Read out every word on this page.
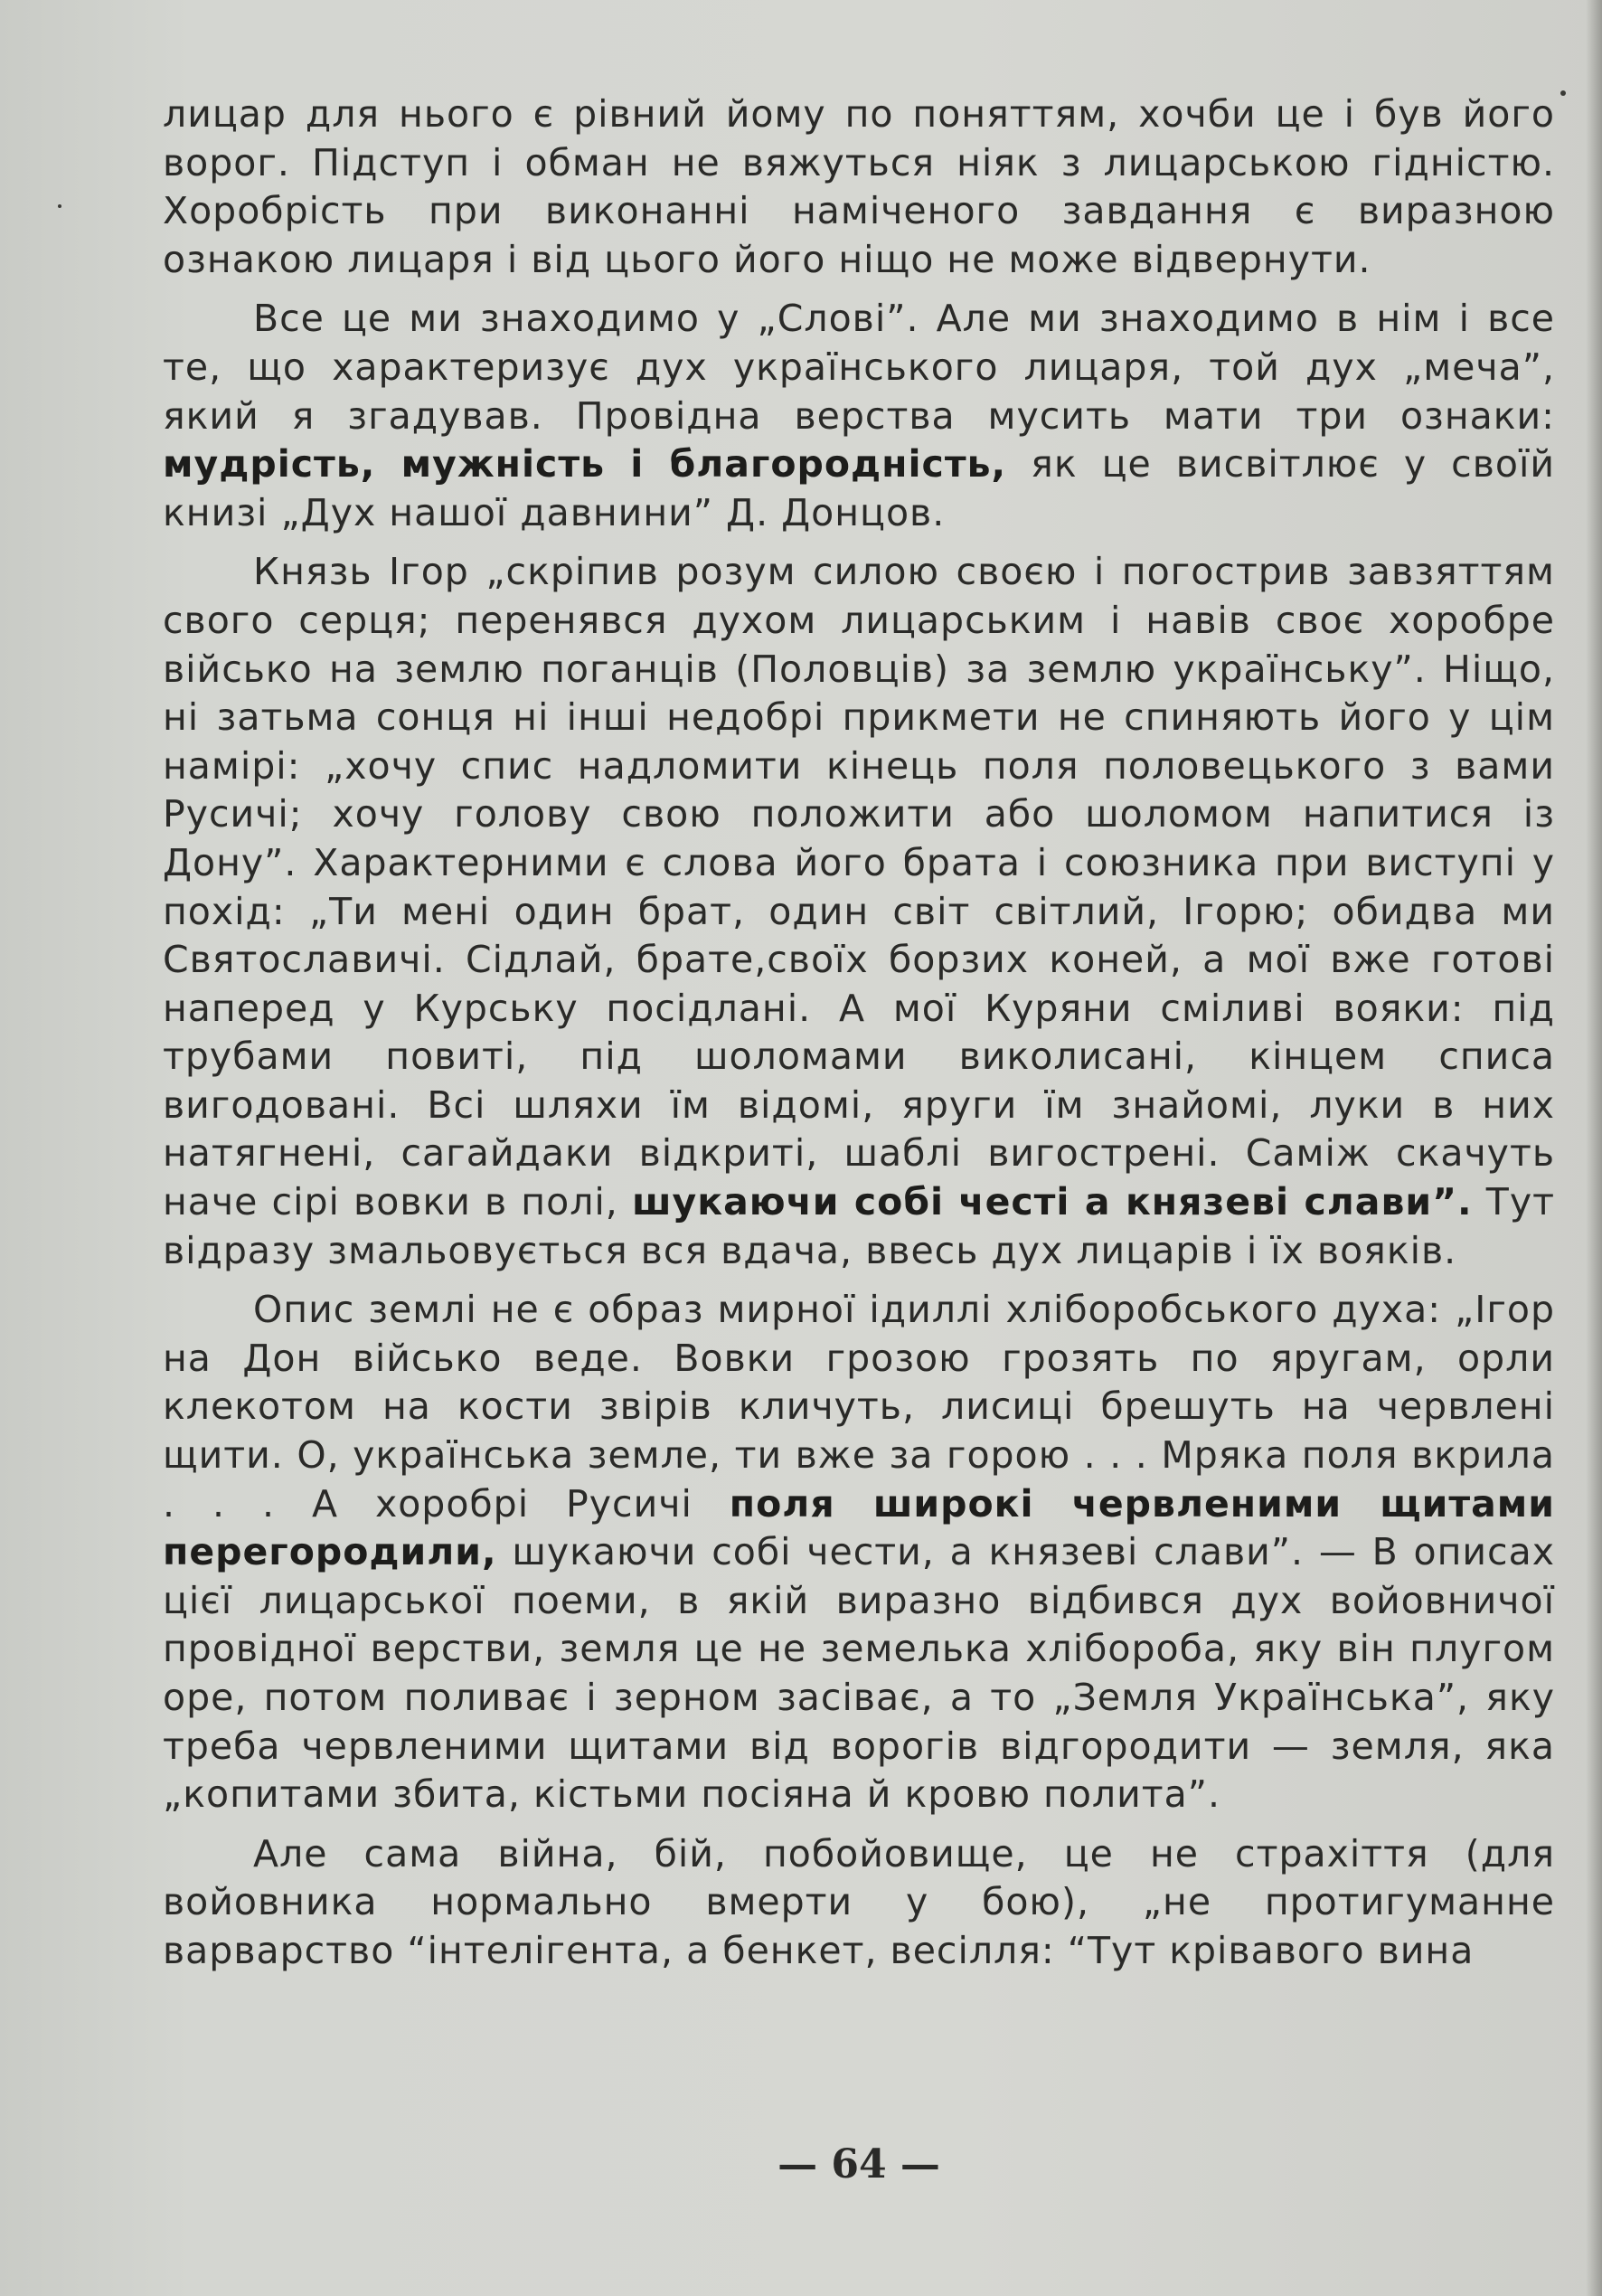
лицар для нього є рівний йому по поняттям, хочби це і був його ворог. Підступ і обман не вяжуться ніяк з лицарською гідністю. Хоробрість при виконанні наміченого завдання є виразною ознакою лицаря і від цього його ніщо не може відвернути.

Все це ми знаходимо у „Слові”. Але ми знаходимо в нім і все те, що характеризує дух українського лицаря, той дух „меча”, який я згадував. Провідна верства мусить мати три ознаки: мудрість, мужність і благородність, як це висвітлює у своїй книзі „Дух нашої давнини” Д. Донцов.

Князь Ігор „скріпив розум силою своєю і погострив завзяттям свого серця; перенявся духом лицарським і навів своє хоробре військо на землю поганців (Половців) за землю українську”. Ніщо, ні затьма сонця ні інші недобрі прикмети не спиняють його у цім намірі: „хочу спис надломити кінець поля половецького з вами Русичі; хочу голову свою положити або шоломом напитися із Дону”. Характерними є слова його брата і союзника при виступі у похід: „Ти мені один брат, один світ світлий, Ігорю; обидва ми Святославичі. Сідлай, брате,своїх борзих коней, а мої вже готові наперед у Курську посідлані. А мої Куряни сміливі вояки: під трубами повиті, під шоломами виколисані, кінцем списа вигодовані. Всі шляхи їм відомі, яруги їм знайомі, луки в них натягнені, сагайдаки відкриті, шаблі вигострені. Саміж скачуть наче сірі вовки в полі, шукаючи собі честі а князеві слави”. Тут відразу змальовується вся вдача, ввесь дух лицарів і їх вояків.

Опис землі не є образ мирної ідиллі хліборобського духа: „Ігор на Дон військо веде. Вовки грозою грозять по яругам, орли клекотом на кости звірів кличуть, лисиці брешуть на червлені щити. О, українська земле, ти вже за горою . . . Мряка поля вкрила . . . А хоробрі Русичі поля широкі червленими щитами перегородили, шукаючи собі чести, а князеві слави”. — В описах цієї лицарської поеми, в якій виразно відбився дух войовничої провідної верстви, земля це не земелька хлібороба, яку він плугом оре, потом поливає і зерном засіває, а то „Земля Українська”, яку треба червленими щитами від ворогів відгородити — земля, яка „копитами збита, кістьми посіяна й кровю полита”.

Але сама війна, бій, побойовище, це не страхіття (для войовника нормально вмерти у бою), „не протигуманне варварство “інтелігента, а бенкет, весілля: “Тут крівавого вина

— 64 —
